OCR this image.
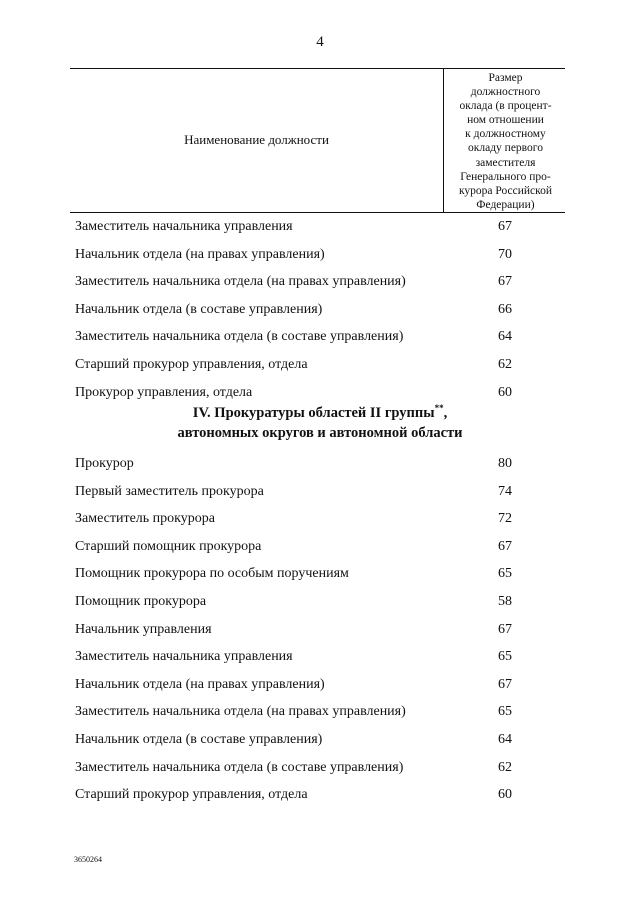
4
Наименование должности
Размер
должностного
оклада (в процент-
ном отношении
к должностному
окладу первого
заместителя
Генерального про-
курора Российской
Федерации)
Заместитель начальника управления	67
Начальник отдела (на правах управления)	70
Заместитель начальника отдела (на правах управления)	67
Начальник отдела (в составе управления)	66
Заместитель начальника отдела (в составе управления)	64
Старший прокурор управления, отдела	62
Прокурор управления, отдела	60
IV. Прокуратуры областей II группы**,
автономных округов и автономной области
Прокурор	80
Первый заместитель прокурора	74
Заместитель прокурора	72
Старший помощник прокурора	67
Помощник прокурора по особым поручениям	65
Помощник прокурора	58
Начальник управления	67
Заместитель начальника управления	65
Начальник отдела (на правах управления)	67
Заместитель начальника отдела (на правах управления)	65
Начальник отдела (в составе управления)	64
Заместитель начальника отдела (в составе управления)	62
Старший прокурор управления, отдела	60
3650264
